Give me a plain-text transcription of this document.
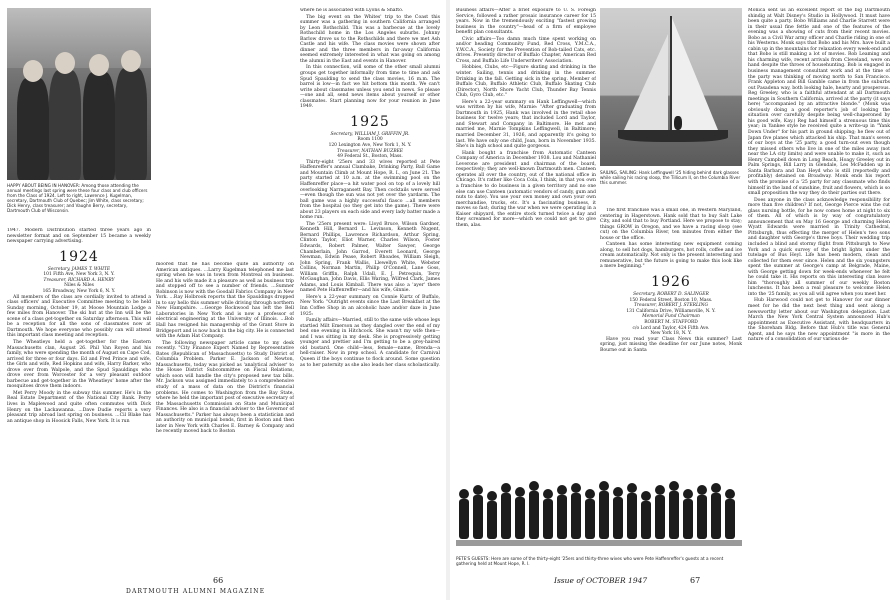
HAPPY ABOUT BEING IN HANOVER: Among those attending the annual meetings last spring were these four class and club officers from the Class of 1924. Left to right, Lawrence J. Kugelman, secretary, Dartmouth Club of Quebec; Jim White, class secretary; Dick Henry, class treasurer; and Vaughn Berry, secretary, Dartmouth Club of Wisconsin.

1947. Modern Distribution started three years ago in newsletter format and on September 15 became a weekly newspaper carrying advertising.

1924
Secretary, JAMES T. WHITE
101 Fifth Ave, New York 3, N. Y.
Treasurer, RICHARD A. HENRY
Niles & Niles
165 Broadway, New York 6, N. Y.

All members of the class are cordially invited to attend a class officers' and Executive Committee meeting to be held Sunday morning, October 19, at Moose Mountain Lodge a few miles from Hanover. The ski hut at the Inn will be the scene of a class get-together on Saturday afternoon. This will be a reception for all the sons of classmates now at Dartmouth. We hope everyone who possibly can will attend this important class meeting and reception.

The Wheatleys held a get-together for the Eastern Massachusetts clan, August 26. Phil Van Royen and his family, who were spending the month of August on Cape Cod, arrived for three or four days. Ed and Fred Prince and wife, the Girls and wife, Red Hopkins and wife, Harry Barker, who drove over from Walpole, and the Spud Spauldings who drove over from Worcester for a very pleasant outdoor barbecue and get-together in the Wheatleys' home after the mosquitoes drove them indoors.

Met Perry Moody in the subway this summer. He's in the Real Estate Department of the National City Bank. Perry lives in Maplewood and quite often commutes with Dick Henry on the Lackawanna. ...Dave Dudie reports a very pleasant trip abroad last spring on business. ...Cil Blake has an antique shop in Hoosick Falls, New York. It is run

moored that he has become quite an authority on American antiques. ...Larry Kugelman telephoned me last spring when he was in town from Montreal on business. He and his wife made it a pleasure as well as business trip and stopped off to see a number of friends. ...Sumner Robinson is now with the Goodall Fabrics Company in New York. ...Ray Holbrook reports that the Spauldings dropped in to say hello this summer while driving through northern New Hampshire. ...George Rockwood has left the Bell Laboratories in New York and is now a professor of electrical engineering at the University of Illinois. ...Bob Hall has resigned his managership of the Grant Store in Bridgeport and is now back in the big city. He is connected with the Adam Hat Company.

The following newspaper article came to my desk recently. "City Finance Expert Named by Representative Bates (Republican of Massachusetts) to Study District of Columbia Problem. Parker E. Jackson of Newton, Massachusetts, today was picked as 'analytical adviser' to the House District Subcommittee on Fiscal Relations, which soon will handle the city's proposed new tax bills. Mr. Jackson was assigned immediately to a comprehensive study of a mass of data on the District's financial problems. He comes to Washington from the Bay State, where he held the important post of executive secretary of the Massachusetts Commission on State and Municipal Finances. He also is a financial adviser to the Governor of Massachusetts." Parker has always been a statistician and an authority on municipal bonds, first in Boston and then later in New York with Charles E. Barney & Company and he recently moved back to Boston

where he is associated with Lyons & Shafto.

The big event on the Whites' trip to the Coast this summer was a gathering in southern California arranged by Leon Rothschild. This was a barbecue at the lovely Rothschild home in the Los Angeles suburbs. Johnny Barlow drove us to the Rothschilds and there we met Ash Castle and his wife. The class movies were shown after dinner and the three members in far-away California seemed extremely interested in what was going on among the alumni in the East and events in Hanover.

In this connection, will some of the other small alumni groups get together informally from time to time and ask Spud Spaulding to send the class movies, 16 m.m. The barrel is low—in fact we hit bottom this month. We can't write about classmates unless you send in news. So please—one and all, send news items about yourself or other classmates. Start planning now for your reunion in June 1949.

1925
Secretary, WILLIAM J. GRIFFIN JR.
Room 1100
120 Lexington Ave, New York 1, N. Y.
Treasurer, NATHAN BUZBEE
49 Federal St., Boston, Mass.

Thirty-eight '25ers and 33 wives reported at Pete Haffenreffer's annual Clambake, Drinking Party, Ball Game and Mountain Climb at Mount Hope, R. I., on June 21. The party started at 10 a.m. at the swimming pool on the Haffenreffer place—a hit water pool on top of a lovely hill overlooking Narragansett Bay. Then cocktails were served—even though the sun was not yet over the yardarm. The ball game was a highly successful fiasco ...all members from the hospital (so they get into the game). There were about 23 players on each side and every lady batter made a home run.

The '25ers present were: Lloyd Bruce, Wilson Gardner, Kenneth Hill, Bernard L. Levinson, Kenneth Nugent, Bernard Phillips, Lawrence Richardson, Arthur Spring, Clinton Taylor, Eliot Warner, Charles Wilson, Foster Edwards, Robert Palmer, Walter Sawyer, George Chamberlain, John Garrod, Everett Leonard, George Newman, Edwin Pease, Robert Rhoades, William Sleigh, John Spring, Frank Wallis, Llewellyn White, Webster Collins, Norman Martin, Philip O'Connell, Lane Goss, William Griffin, Ralph Udall, E. J. Petrequin, Terry McGaughan, John Davis, Ellis Waring, Wilfred Clark, James Adams, and Louis Kimball. There was also a 'ayer' there named Pete Haffenreffer—and his wife, Ginnie.

Here's a 22-year summary on Connie Kurtz of Buffalo, New York: "Outright events since the Last Breakfast at the Inn Coffee Shop in an alcoholic haze and/or daze in June 1925:

Family affairs—Married, still to the same wife whose legs startled Milt Emerson as they dangled over the end of my bed one evening in Hitchcock. She wasn't my wife then—and I was sitting in my desk. She is progressively getting younger and prettier and I'm getting to be a grey-haired old bustard. One child—less, female—name, Brenda—a hell-raiser. Now in prep school. A candidate for Carnival Queen if the boys continue to flock around. Some question as to her paternity as she also leads her class scholastically.

66
DARTMOUTH ALUMNI MAGAZINE

Business affairs—After a brief exposure to U. S. Foreign Service, followed a rather prosaic insurance career for 15 years. Now in the tremendously exciting "fastest growing business in the country"—head of a firm of employee benefit plan consultants.

Civic affairs—Too damn much time spent working on and/or heading Community Fund, Red Cross, Y.M.C.A., Y.W.C.A., Society for the Prevention of Bob-tailed Cats, etc. drives. Presently director of Buffalo Chapter, American Red Cross, and Buffalo Life Underwriters' Association.

Hobbies, Clubs, etc—Figure skating and drinking in the winter. Sailing, tennis and drinking in the summer. Drinking in the fall. Getting sick in the spring. Member of Buffalo Club, Buffalo Athletic Club, Buffalo Skating Club (Director), North Shore Yacht Club, Thunder Bay Tennis Club, Gyro Club, etc."

Here's a 22-year summary on Hank Leffingwell—which was written by his wife, Marnie: "After graduating from Dartmouth in 1925, Hank was involved in the retail shoe business for twelve years; that included Lord and Taylor, and Stewart and Company in Baltimore. He met and married me, Marnie Tompkins Leffingwell, in Baltimore; married December 31, 1926, and apparently it's going to last. We have only one child, Joan, born in November 1935. She's in high school and quite gorgeous.

Hank bought a franchise from Automatic Canteen Company of America in December 1938. Lou and Nathaniel Leverone are president and chairman of the board, respectively; they are well-known Dartmouth men. Canteen operates all over the country, out of the national office in Chicago. It's rather like Coca Cola, I think, in that you own a franchise to do business in a given territory and no one else can use Canteen (automatic vendors of candy, gum and nuts to date). You use your own money and own your own merchandise, trucks, etc. It's a fascinating business, it moves so fast; during the war when we were operating in a Kaiser shipyard, the entire stock turned twice a day and they screamed for more—which we could not get to give them, alas.

SAILING, SAILING: Hank Leffingwell '25 hiding behind dark glasses while sailing his racing sloop, the Tillicum II, on the Columbia River this summer.

The first franchise was a small one, in Western Maryland, centering in Hagerstown. Hank sold that to buy Salt Lake City, and sold that to buy Portland. Here we propose to stay; things GROW in Oregon, and we have a racing sloop (see cut) on the Columbia River, ten minutes from either the house or the office.

Canteen has some interesting new equipment coming along, to sell hot dogs, hamburgers, hot rolls, coffee and ice cream automatically. Not only is the present interesting and remunerative, but the future is going to make this look like a mere beginning."

1926
Secretary, ROBERT D. SALINGER
150 Federal Street, Boston 10, Mass.
Treasurer, ROBERT J. STERLING
131 California Drive, Williamsville, N. Y.
Memorial Fund Chairman
ROBERT M. STAFFORD
c/o Lord and Taylor, 424 Fifth Ave.
New York 18, N. Y.

Have you read your Class News this summer? Last spring, just missing the deadline for our June notes, Monk Bourne out in Santa

Monica sent us an excellent report of the big Dartmouth shindig at Walt Disney's Studio in Hollywood. It must have been quite a party. Bobo Williams and Charlie Starrett were in their usual fine fettle and one of the features of the evening was a showing of cuts from their recent movies. Bobo as a Civil War army officer and Charlie riding in one of his Westerns. Monk says that Bobo and his Mrs. have built a cabin up in the mountains for relaxation every week-end and that Bobo is still making a lot of movies. Rob Leaming and his charming wife, recent arrivals from Cleveland, were on hand despite the throes of househunting. Bob is engaged in business management consultant work and at the time of the party was thinking of moving north to San Francisco. Frank Appleton and Bill Gamble came in from the suburbs out Pasadena way, both looking hale, hearty and prosperous. Reg Greeley, who is a faithful attendant at all Dartmouth meetings in Southern California, arrived at the party (it says here) "accompanied by an attractive blonde." (Monk was obviously doing a good reporter's job of looking the situation over carefully despite being well-chaperoned by his good wife, Kay.) Reg had himself a strenuous time this year; in Yankee style he received quite a write-up in "Yank Down Under" for his part in ground shipping; he flew out of Japan five planes which attacked his ship. That man's seven of our boys at the '25 party, a good turn-out even though they missed others who live in one of the miles away (not near the LA city limits) and were unable to make it, such as Henry Campbell down in Long Beach, Hoagy Greeley out in Palm Springs, Bill Larry in Glendale, Les McFadden up in Santa Barbara and Dan Heyd who is still (reportedly and profitably) detained on Broadway. Monk ends his report with the promise of a '25 party for any classmate who finds himself in the land of sunshine, fruit and flowers, which is so small proposition the way they do their parties out there.

Does anyone in the class acknowledge responsibility for more than five children? If not, George Pierce wins the cut glass nursing bottle, for he now comes home at night to six of them. All of which is by way of congratulatory announcement that on May 16 George and charming Helen Wyatt Edwards were married in Trinity Cathedral, Pittsburgh, thus effecting the merger of Helen's two sons and daughter with George's three boys. Their wedding trip included a blind and stormy flight from Pittsburgh to New York and a quick survey of the bright lights under the tutelage of Bus Heyl. Life has been modern, clean and collected for them ever since. Helen and the six youngsters spent the summer at George's camp at Belgrade, Maine, with George getting down for week-ends whenever he felt he could take it. His reports on this interesting clan leave him "thoroughly all summer of our weekly Boston luncheons. It has been a real pleasure to welcome Helen into the '25 family, as you all will agree when you meet her.

Hub Harwood could not get to Hanover for our dinner meet for he did the next best thing and sent along a newsworthy letter about our Washington delegation. Last March the New York Central System announced Hub's appointment as Executive Assistant, with headquarters in the Shoreham Bldg. Before that Hub's title was General Agent, and he says the new appointment "is more in the nature of a consolidation of our various de-

PETE'S GUESTS: Here are some of the thirty-eight '25ers and thirty-three wives who were Pete Haffenreffer's guests at a recent gathering held at Mount Hope, R. I.
Issue of OCTOBER 1947	67
